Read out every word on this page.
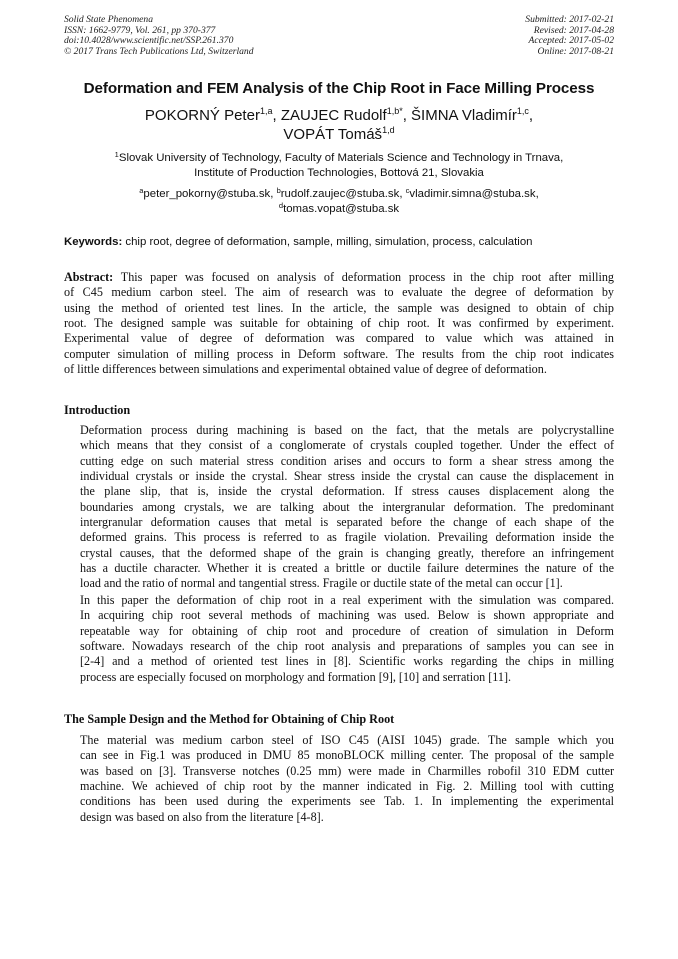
Solid State Phenomena
ISSN: 1662-9779, Vol. 261, pp 370-377
doi:10.4028/www.scientific.net/SSP.261.370
© 2017 Trans Tech Publications Ltd, Switzerland
Submitted: 2017-02-21
Revised: 2017-04-28
Accepted: 2017-05-02
Online: 2017-08-21
Deformation and FEM Analysis of the Chip Root in Face Milling Process
POKORNÝ Peter$^{1,a}$, ZAUJEC Rudolf$^{1,b*}$, ŠIMNA Vladimír$^{1,c}$,
VOPÁT Tomáš$^{1,d}$
$^1$Slovak University of Technology, Faculty of Materials Science and Technology in Trnava,
Institute of Production Technologies, Bottová 21, Slovakia
$^a$peter_pokorny@stuba.sk, $^b$rudolf.zaujec@stuba.sk, $^c$vladimir.simna@stuba.sk,
$^d$tomas.vopat@stuba.sk
Keywords: chip root, degree of deformation, sample, milling, simulation, process, calculation
Abstract: This paper was focused on analysis of deformation process in the chip root after milling
of C45 medium carbon steel. The aim of research was to evaluate the degree of deformation by
using the method of oriented test lines. In the article, the sample was designed to obtain of chip
root. The designed sample was suitable for obtaining of chip root. It was confirmed by experiment.
Experimental value of degree of deformation was compared to value which was attained in
computer simulation of milling process in Deform software. The results from the chip root indicates
of little differences between simulations and experimental obtained value of degree of deformation.
Introduction
Deformation process during machining is based on the fact, that the metals are polycrystalline
which means that they consist of a conglomerate of crystals coupled together. Under the effect of
cutting edge on such material stress condition arises and occurs to form a shear stress among the
individual crystals or inside the crystal. Shear stress inside the crystal can cause the displacement in
the plane slip, that is, inside the crystal deformation. If stress causes displacement along the
boundaries among crystals, we are talking about the intergranular deformation. The predominant
intergranular deformation causes that metal is separated before the change of each shape of the
deformed grains. This process is referred to as fragile violation. Prevailing deformation inside the
crystal causes, that the deformed shape of the grain is changing greatly, therefore an infringement
has a ductile character. Whether it is created a brittle or ductile failure determines the nature of the
load and the ratio of normal and tangential stress. Fragile or ductile state of the metal can occur [1].
In this paper the deformation of chip root in a real experiment with the simulation was compared.
In acquiring chip root several methods of machining was used. Below is shown appropriate and
repeatable way for obtaining of chip root and procedure of creation of simulation in Deform
software. Nowadays research of the chip root analysis and preparations of samples you can see in
[2-4] and a method of oriented test lines in [8]. Scientific works regarding the chips in milling
process are especially focused on morphology and formation [9], [10] and serration [11].
The Sample Design and the Method for Obtaining of Chip Root
The material was medium carbon steel of ISO C45 (AISI 1045) grade. The sample which you
can see in Fig.1 was produced in DMU 85 monoBLOCK milling center. The proposal of the sample
was based on [3]. Transverse notches (0.25 mm) were made in Charmilles robofil 310 EDM cutter
machine. We achieved of chip root by the manner indicated in Fig. 2. Milling tool with cutting
conditions has been used during the experiments see Tab. 1. In implementing the experimental
design was based on also from the literature [4-8].
